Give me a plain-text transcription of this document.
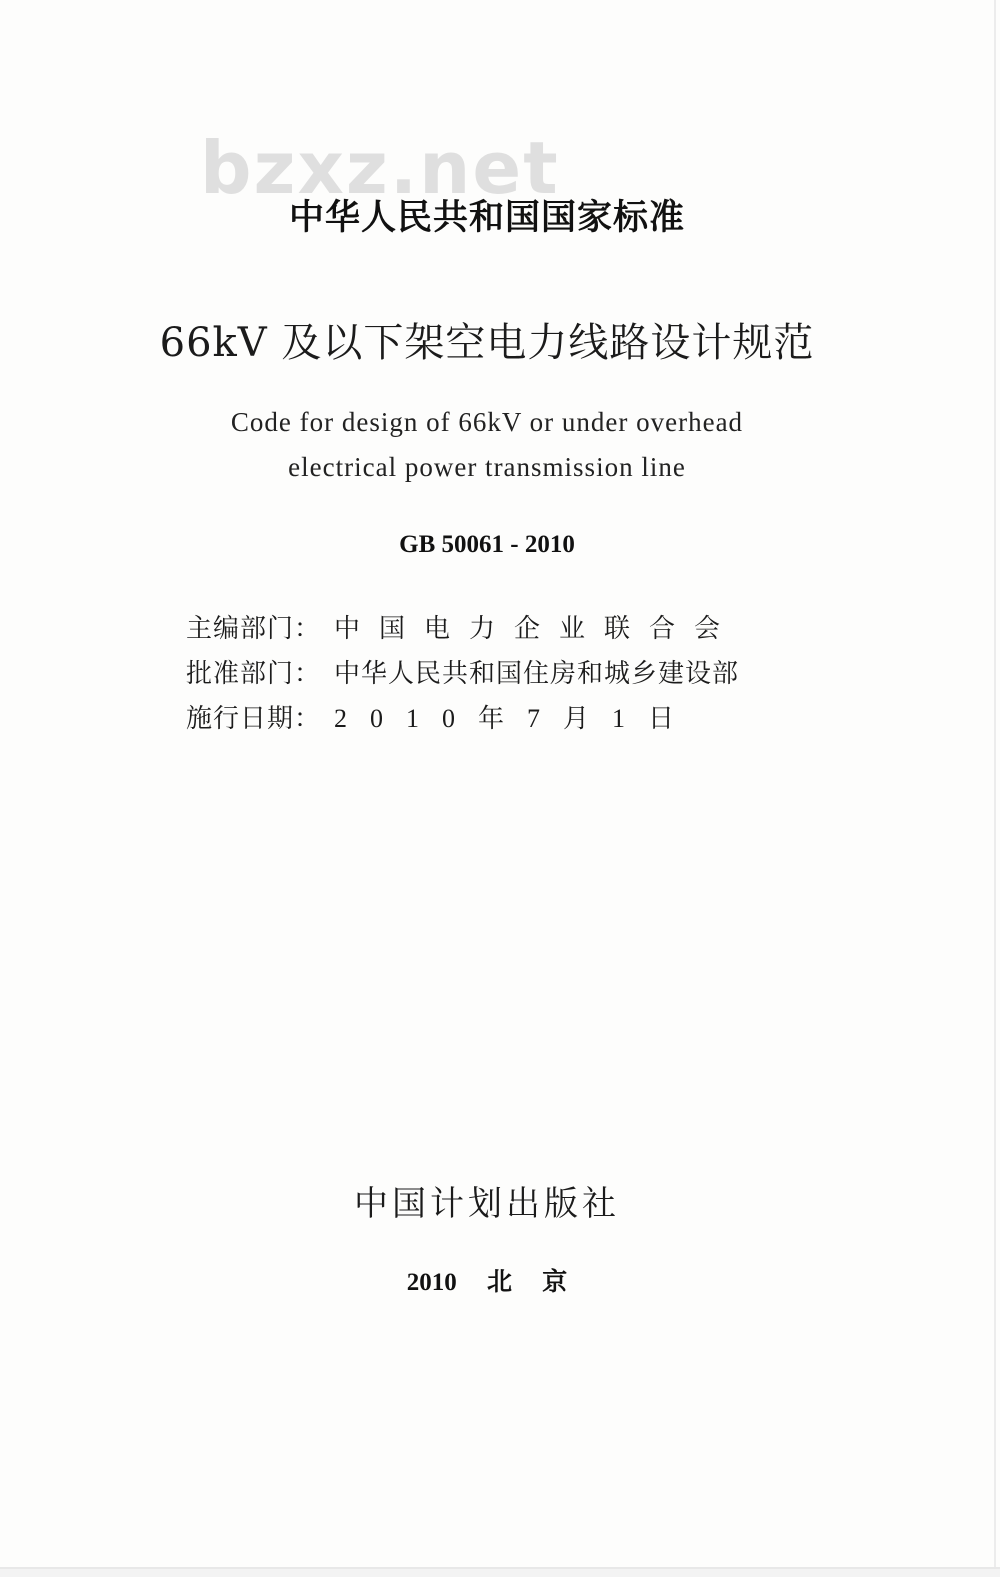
bzxz.net
中华人民共和国国家标准
66kV 及以下架空电力线路设计规范
Code for design of 66kV or under overhead
electrical power transmission line
GB 50061 - 2010
主编部门： 中国电力企业联合会
批准部门： 中华人民共和国住房和城乡建设部
施行日期： 2010年7月1日
中国计划出版社
2010 北 京
